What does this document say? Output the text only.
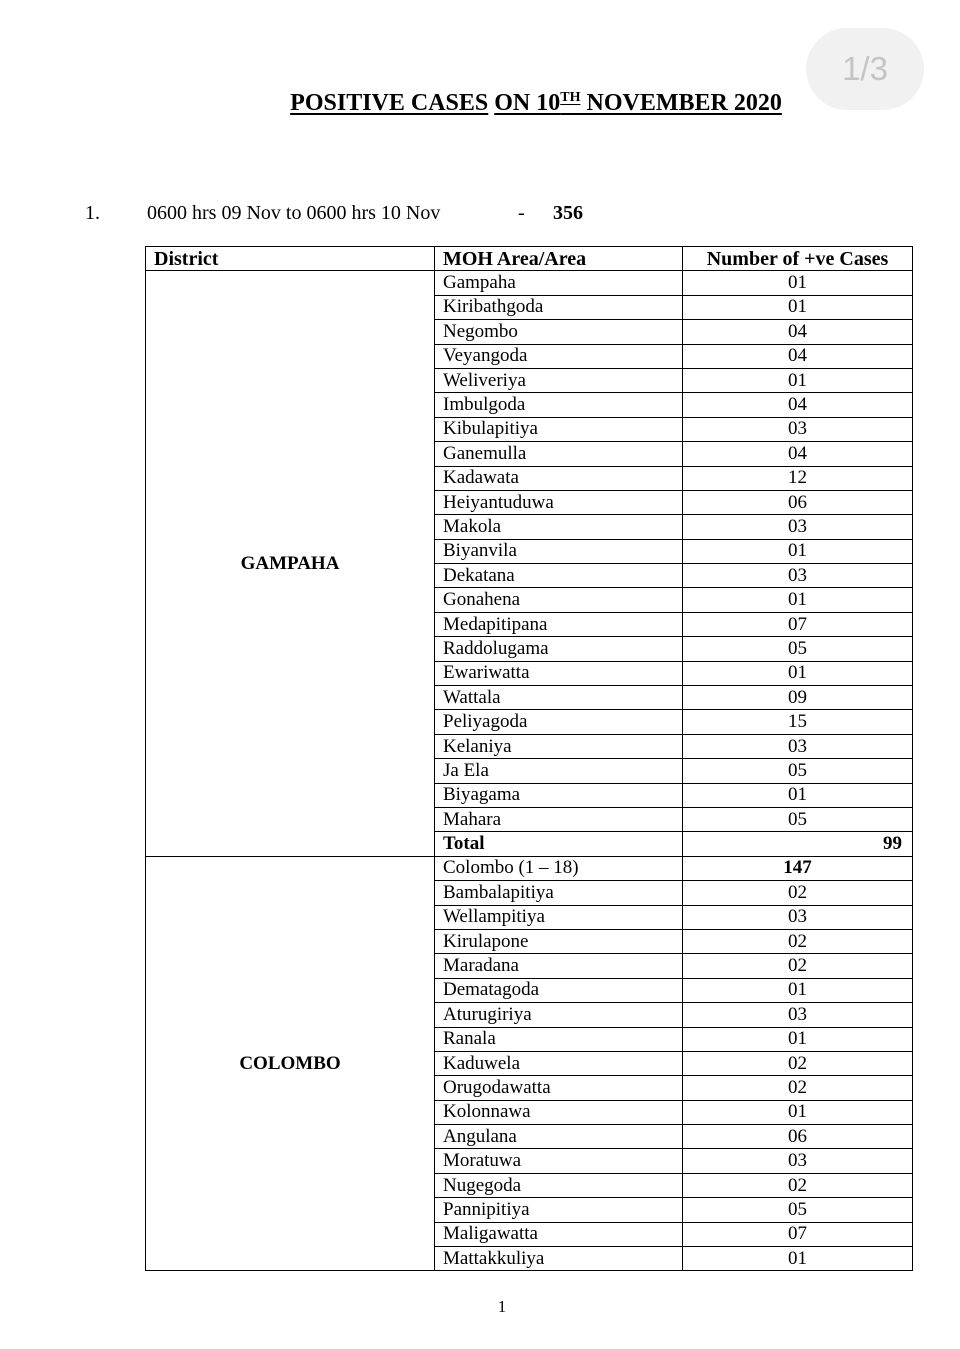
1/3
POSITIVE CASES ON 10TH NOVEMBER 2020
1. 0600 hrs 09 Nov to 0600 hrs 10 Nov	- 356
District	MOH Area/Area	Number of +ve Cases
GAMPAHA	Gampaha	01
	Kiribathgoda	01
	Negombo	04
	Veyangoda	04
	Weliveriya	01
	Imbulgoda	04
	Kibulapitiya	03
	Ganemulla	04
	Kadawata	12
	Heiyantuduwa	06
	Makola	03
	Biyanvila	01
	Dekatana	03
	Gonahena	01
	Medapitipana	07
	Raddolugama	05
	Ewariwatta	01
	Wattala	09
	Peliyagoda	15
	Kelaniya	03
	Ja Ela	05
	Biyagama	01
	Mahara	05
	Total	99
COLOMBO	Colombo (1 – 18)	147
	Bambalapitiya	02
	Wellampitiya	03
	Kirulapone	02
	Maradana	02
	Dematagoda	01
	Aturugiriya	03
	Ranala	01
	Kaduwela	02
	Orugodawatta	02
	Kolonnawa	01
	Angulana	06
	Moratuwa	03
	Nugegoda	02
	Pannipitiya	05
	Maligawatta	07
	Mattakkuliya	01
1
